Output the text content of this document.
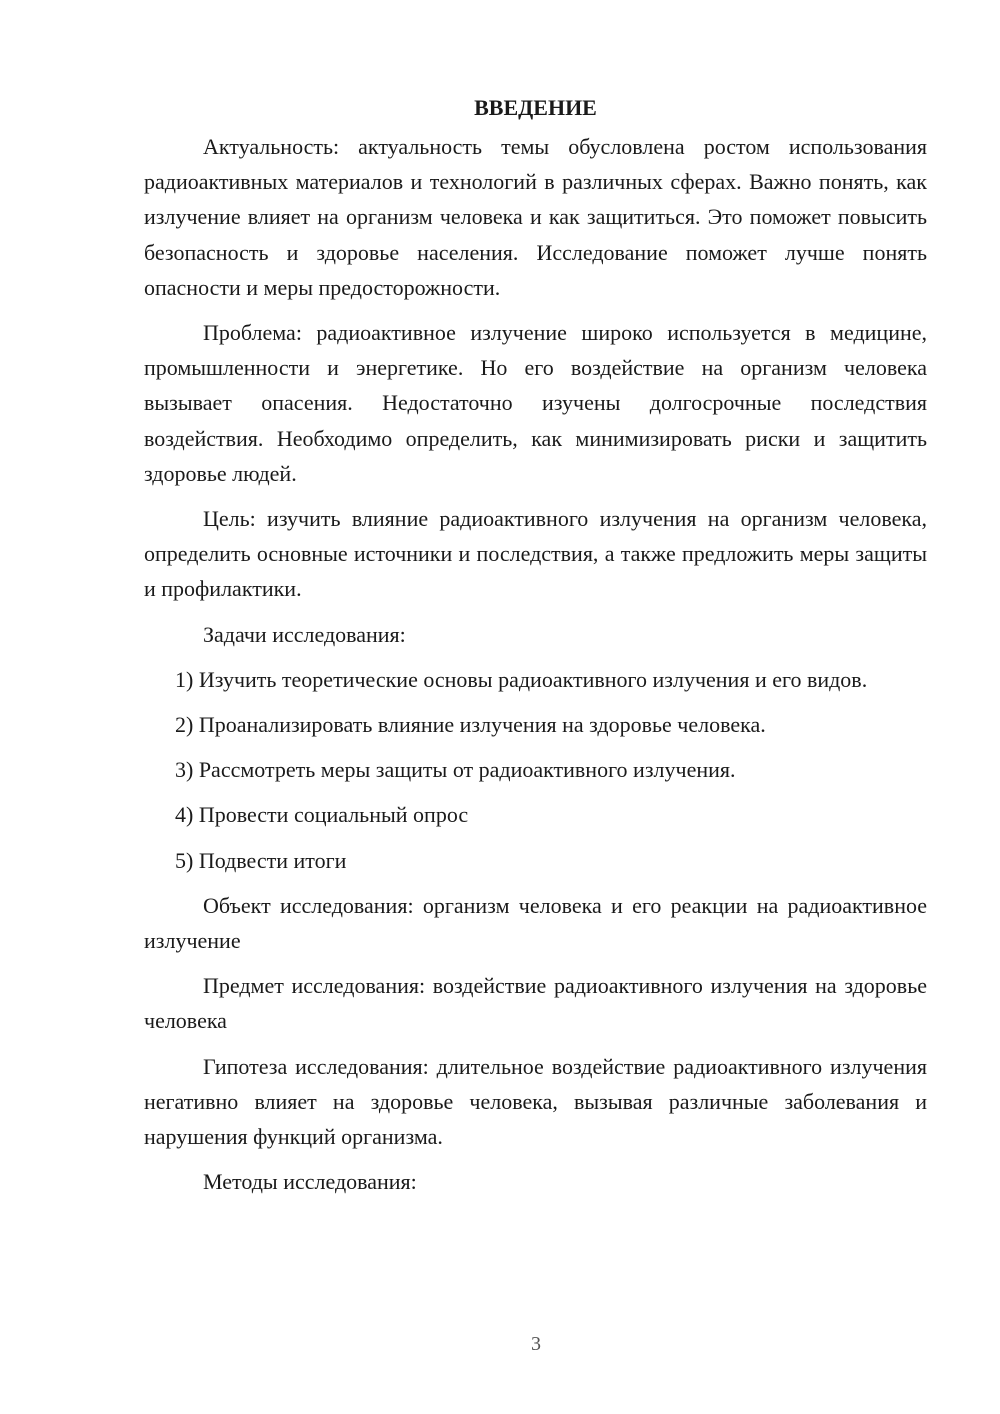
ВВЕДЕНИЕ

Актуальность: актуальность темы обусловлена ростом использования радиоактивных материалов и технологий в различных сферах. Важно понять, как излучение влияет на организм человека и как защититься. Это поможет повысить безопасность и здоровье населения. Исследование поможет лучше понять опасности и меры предосторожности.

Проблема: радиоактивное излучение широко используется в медицине, промышленности и энергетике. Но его воздействие на организм человека вызывает опасения. Недостаточно изучены долгосрочные последствия воздействия. Необходимо определить, как минимизировать риски и защитить здоровье людей.

Цель: изучить влияние радиоактивного излучения на организм человека, определить основные источники и последствия, а также предложить меры защиты и профилактики.

Задачи исследования:

1) Изучить теоретические основы радиоактивного излучения и его видов.

2) Проанализировать влияние излучения на здоровье человека.

3) Рассмотреть меры защиты от радиоактивного излучения.

4) Провести социальный опрос

5) Подвести итоги

Объект исследования: организм человека и его реакции на радиоактивное излучение

Предмет исследования: воздействие радиоактивного излучения на здоровье человека

Гипотеза исследования: длительное воздействие радиоактивного излучения негативно влияет на здоровье человека, вызывая различные заболевания и нарушения функций организма.

Методы исследования:

3
